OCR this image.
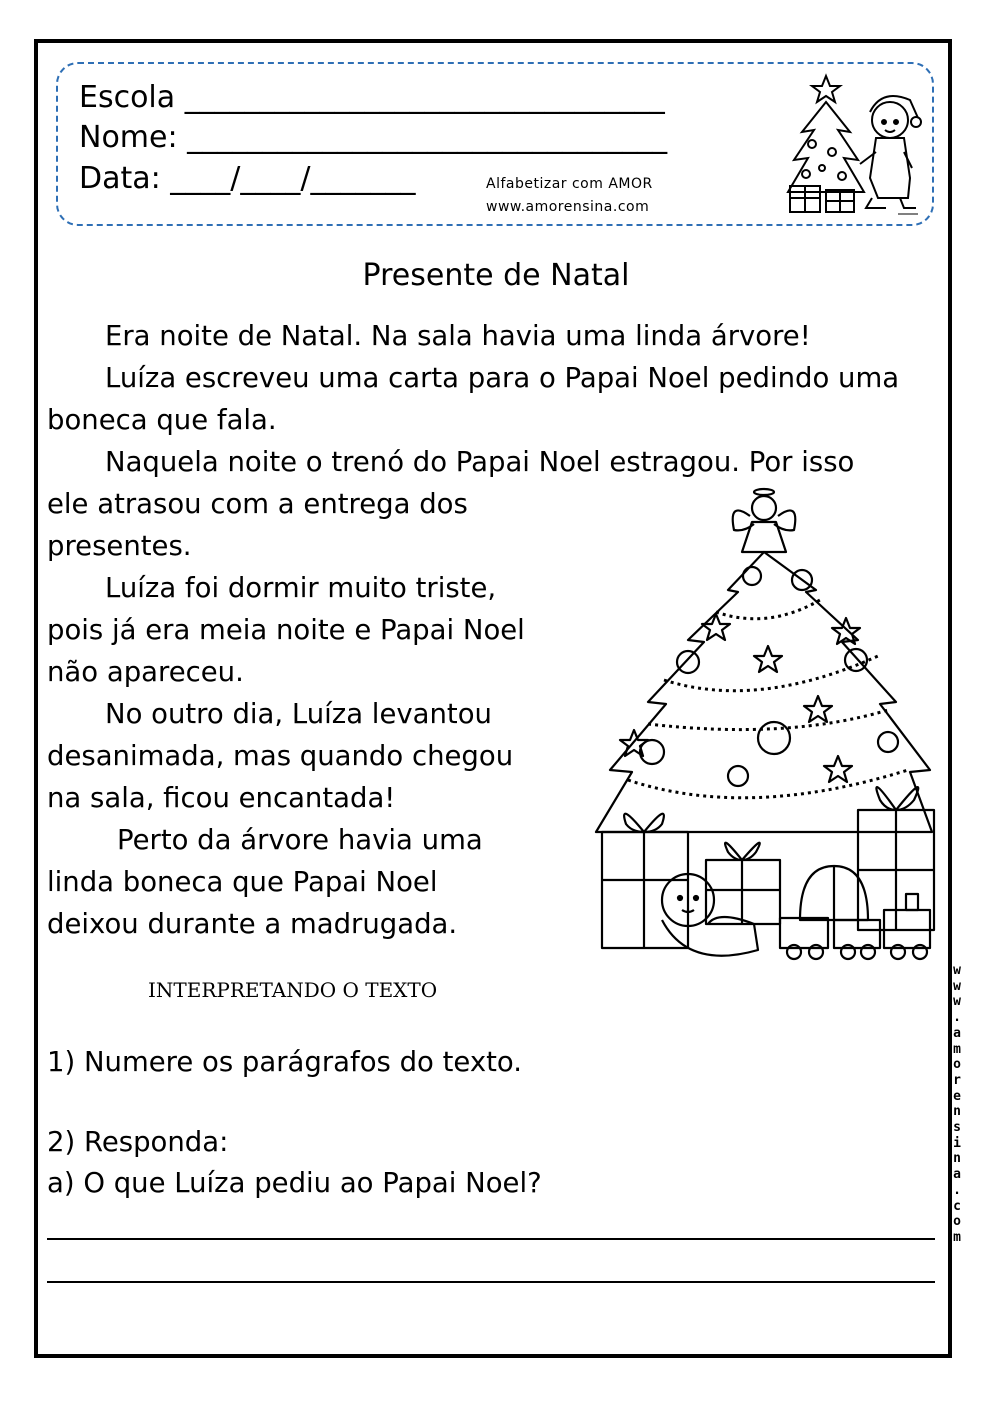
Escola ________________________________
Nome: ________________________________
Data: ____/____/_______	Alfabetizar com AMOR
www.amorensina.com
Presente de Natal

Era noite de Natal. Na sala havia uma linda árvore!

Luíza escreveu uma carta para o Papai Noel pedindo uma boneca que fala.

Naquela noite o trenó do Papai Noel estragou. Por isso

ele atrasou com a entrega dos

presentes.

Luíza foi dormir muito triste,

pois já era meia noite e Papai Noel

não apareceu.

No outro dia, Luíza levantou

desanimada, mas quando chegou

na sala, ficou encantada!

Perto da árvore havia uma

linda boneca que Papai Noel

deixou durante a madrugada.

INTERPRETANDO O TEXTO
1) Numere os parágrafos do texto.
2) Responda:
a) O que Luíza pediu ao Papai Noel?
w
w
w
.
a
m
o
r
e
n
s
i
n
a
.
c
o
m
